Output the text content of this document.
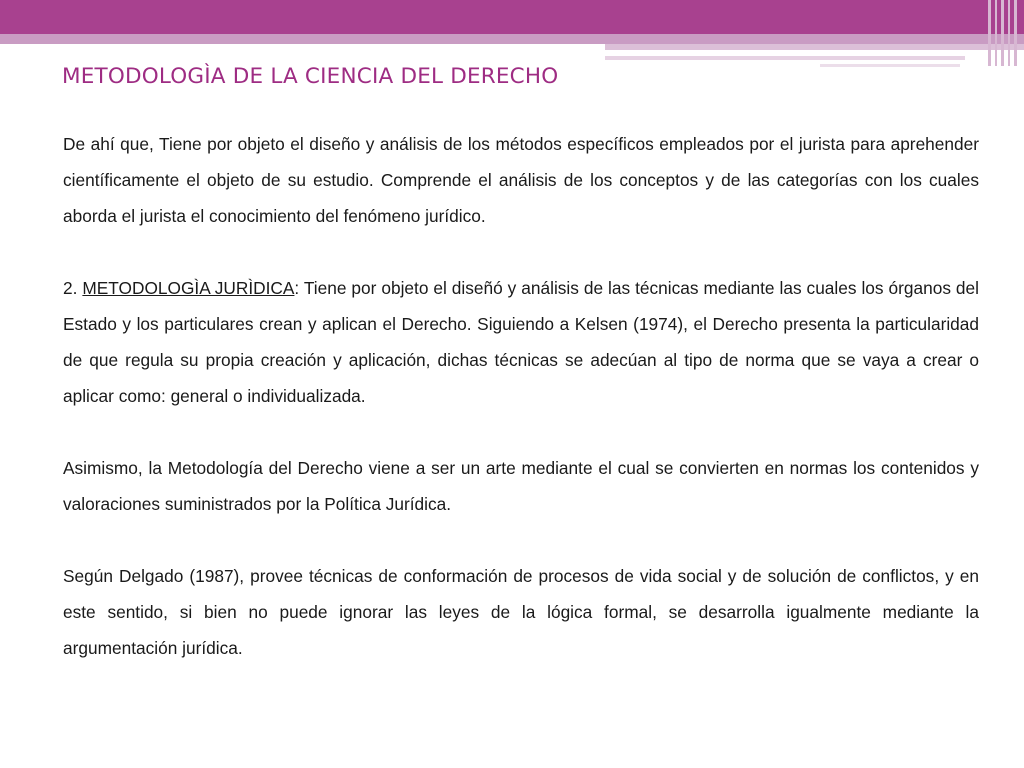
METODOLOGÌA DE LA CIENCIA DEL DERECHO

De ahí que, Tiene por objeto el diseño y análisis de los métodos específicos empleados por el jurista para aprehender científicamente el objeto de su estudio. Comprende el análisis de los conceptos y de las categorías con los cuales aborda el jurista el conocimiento del fenómeno jurídico.

2. METODOLOGÌA JURÌDICA: Tiene por objeto el diseñó y análisis de las técnicas mediante las cuales los órganos del Estado y los particulares crean y aplican el Derecho. Siguiendo a Kelsen (1974), el Derecho presenta la particularidad de que regula su propia creación y aplicación, dichas técnicas se adecúan al tipo de norma que se vaya a crear o aplicar como: general o individualizada.

Asimismo, la Metodología del Derecho viene a ser un arte mediante el cual se convierten en normas los contenidos y valoraciones suministrados por la Política Jurídica.

Según Delgado (1987), provee técnicas de conformación de procesos de vida social y de solución de conflictos, y en este sentido, si bien no puede ignorar las leyes de la lógica formal, se desarrolla igualmente mediante la argumentación jurídica.
